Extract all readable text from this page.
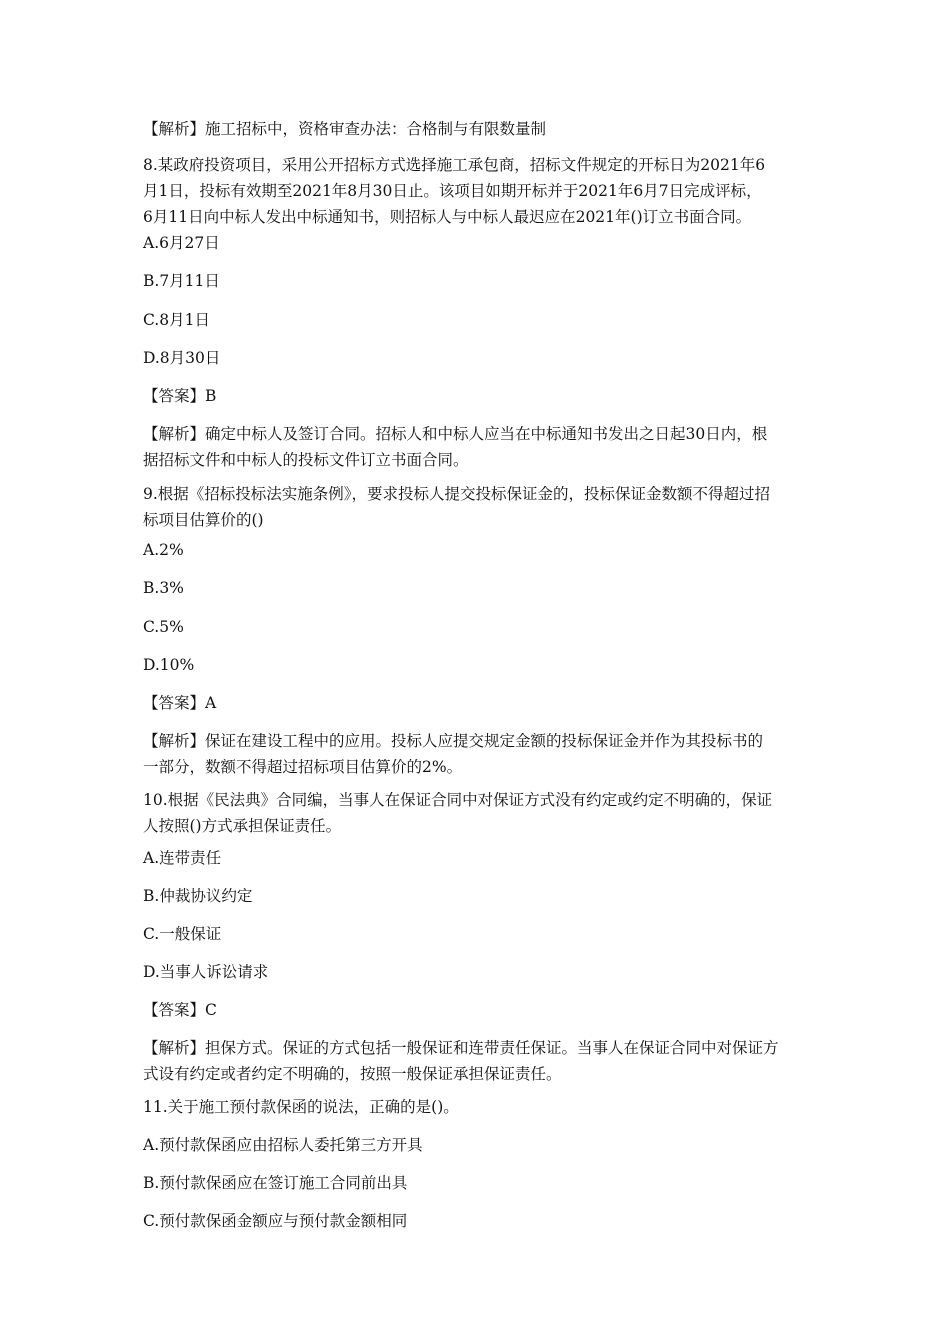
【解析】施工招标中，资格审查办法：合格制与有限数量制
8.某政府投资项目，采用公开招标方式选择施工承包商，招标文件规定的开标日为2021年6
月1日，投标有效期至2021年8月30日止。该项目如期开标并于2021年6月7日完成评标，
6月11日向中标人发出中标通知书，则招标人与中标人最迟应在2021年()订立书面合同。
A.6月27日
B.7月11日
C.8月1日
D.8月30日
【答案】B
【解析】确定中标人及签订合同。招标人和中标人应当在中标通知书发出之日起30日内，根
据招标文件和中标人的投标文件订立书面合同。
9.根据《招标投标法实施条例》，要求投标人提交投标保证金的，投标保证金数额不得超过招
标项目估算价的()
A.2%
B.3%
C.5%
D.10%
【答案】A
【解析】保证在建设工程中的应用。投标人应提交规定金额的投标保证金并作为其投标书的
一部分，数额不得超过招标项目估算价的2%。
10.根据《民法典》合同编，当事人在保证合同中对保证方式没有约定或约定不明确的，保证
人按照()方式承担保证责任。
A.连带责任
B.仲裁协议约定
C.一般保证
D.当事人诉讼请求
【答案】C
【解析】担保方式。保证的方式包括一般保证和连带责任保证。当事人在保证合同中对保证方
式设有约定或者约定不明确的，按照一般保证承担保证责任。
11.关于施工预付款保函的说法，正确的是()。
A.预付款保函应由招标人委托第三方开具
B.预付款保函应在签订施工合同前出具
C.预付款保函金额应与预付款金额相同
